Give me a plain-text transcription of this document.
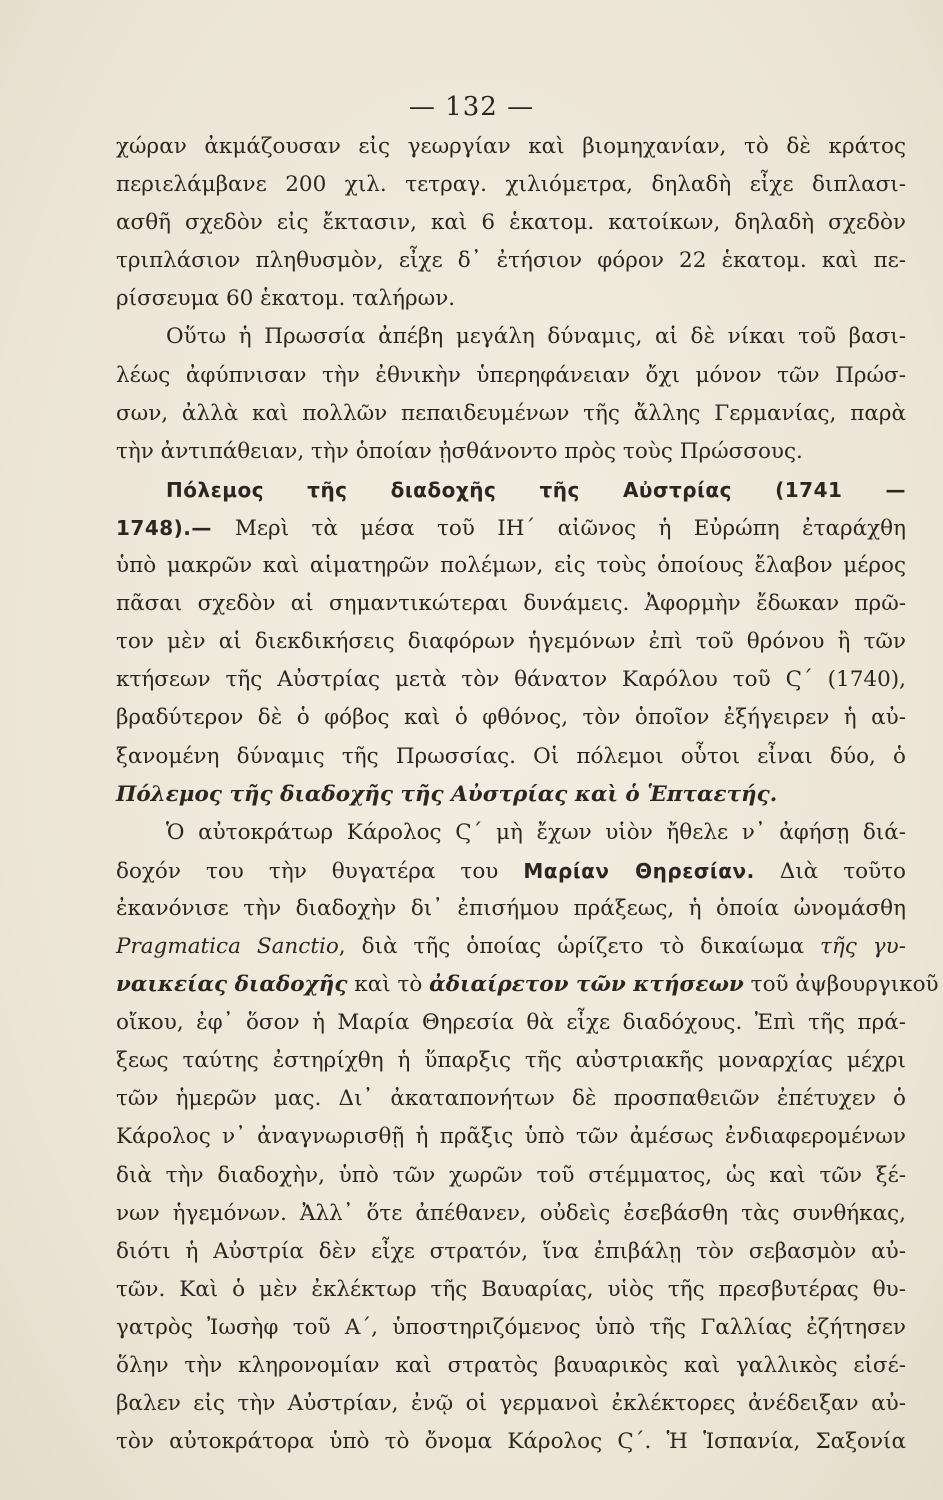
— 132 —
χώραν ἀκμάζουσαν εἰς γεωργίαν καὶ βιομηχανίαν, τὸ δὲ κράτος
περιελάμβανε 200 χιλ. τετραγ. χιλιόμετρα, δηλαδὴ εἶχε διπλασι-
ασθῆ σχεδὸν εἰς ἔκτασιν, καὶ 6 ἑκατομ. κατοίκων, δηλαδὴ σχεδὸν
τριπλάσιον πληθυσμὸν, εἶχε δ᾽ ἐτήσιον φόρον 22 ἑκατομ. καὶ πε-
ρίσσευμα 60 ἑκατομ. ταλήρων.
Οὕτω ἡ Πρωσσία ἀπέβη μεγάλη δύναμις, αἱ δὲ νίκαι τοῦ βασι-
λέως ἀφύπνισαν τὴν ἐθνικὴν ὑπερηφάνειαν ὄχι μόνον τῶν Πρώσ-
σων, ἀλλὰ καὶ πολλῶν πεπαιδευμένων τῆς ἄλλης Γερμανίας, παρὰ
τὴν ἀντιπάθειαν, τὴν ὁποίαν ᾐσθάνοντο πρὸς τοὺς Πρώσσους.
Πόλεμος τῆς διαδοχῆς τῆς Αὐστρίας (1741 —
1748).— Μερὶ τὰ μέσα τοῦ ΙΗ΄ αἰῶνος ἡ Εὐρώπη ἐταράχθη
ὑπὸ μακρῶν καὶ αἱματηρῶν πολέμων, εἰς τοὺς ὁποίους ἔλαβον μέρος
πᾶσαι σχεδὸν αἱ σημαντικώτεραι δυνάμεις. Ἀφορμὴν ἔδωκαν πρῶ-
τον μὲν αἱ διεκδικήσεις διαφόρων ἡγεμόνων ἐπὶ τοῦ θρόνου ἢ τῶν
κτήσεων τῆς Αὐστρίας μετὰ τὸν θάνατον Καρόλου τοῦ Ϛ΄ (1740),
βραδύτερον δὲ ὁ φόβος καὶ ὁ φθόνος, τὸν ὁποῖον ἐξήγειρεν ἡ αὐ-
ξανομένη δύναμις τῆς Πρωσσίας. Οἱ πόλεμοι οὗτοι εἶναι δύο, ὁ
Πόλεμος τῆς διαδοχῆς τῆς Αὐστρίας καὶ ὁ Ἑπταετής.
Ὁ αὐτοκράτωρ Κάρολος Ϛ΄ μὴ ἔχων υἱὸν ἤθελε ν᾽ ἀφήσῃ διά-
δοχόν του τὴν θυγατέρα του Μαρίαν Θηρεσίαν. Διὰ τοῦτο
ἐκανόνισε τὴν διαδοχὴν δι᾽ ἐπισήμου πράξεως, ἡ ὁποία ὠνομάσθη
Pragmatica Sanctio, διὰ τῆς ὁποίας ὡρίζετο τὸ δικαίωμα τῆς γυ-
ναικείας διαδοχῆς καὶ τὸ ἀδιαίρετον τῶν κτήσεων τοῦ ἀψβουργικοῦ
οἴκου, ἐφ᾽ ὅσον ἡ Μαρία Θηρεσία θὰ εἶχε διαδόχους. Ἐπὶ τῆς πρά-
ξεως ταύτης ἐστηρίχθη ἡ ὕπαρξις τῆς αὐστριακῆς μοναρχίας μέχρι
τῶν ἡμερῶν μας. Δι᾽ ἀκαταπονήτων δὲ προσπαθειῶν ἐπέτυχεν ὁ
Κάρολος ν᾽ ἀναγνωρισθῇ ἡ πρᾶξις ὑπὸ τῶν ἀμέσως ἐνδιαφερομένων
διὰ τὴν διαδοχὴν, ὑπὸ τῶν χωρῶν τοῦ στέμματος, ὡς καὶ τῶν ξέ-
νων ἡγεμόνων. Ἀλλ᾽ ὅτε ἀπέθανεν, οὐδεὶς ἐσεβάσθη τὰς συνθήκας,
διότι ἡ Αὐστρία δὲν εἶχε στρατόν, ἵνα ἐπιβάλῃ τὸν σεβασμὸν αὐ-
τῶν. Καὶ ὁ μὲν ἐκλέκτωρ τῆς Βαυαρίας, υἱὸς τῆς πρεσβυτέρας θυ-
γατρὸς Ἰωσὴφ τοῦ Α΄, ὑποστηριζόμενος ὑπὸ τῆς Γαλλίας ἐζήτησεν
ὅλην τὴν κληρονομίαν καὶ στρατὸς βαυαρικὸς καὶ γαλλικὸς εἰσέ-
βαλεν εἰς τὴν Αὐστρίαν, ἐνῷ οἱ γερμανοὶ ἐκλέκτορες ἀνέδειξαν αὐ-
τὸν αὐτοκράτορα ὑπὸ τὸ ὄνομα Κάρολος Ϛ΄. Ἡ Ἱσπανία, Σαξονία
